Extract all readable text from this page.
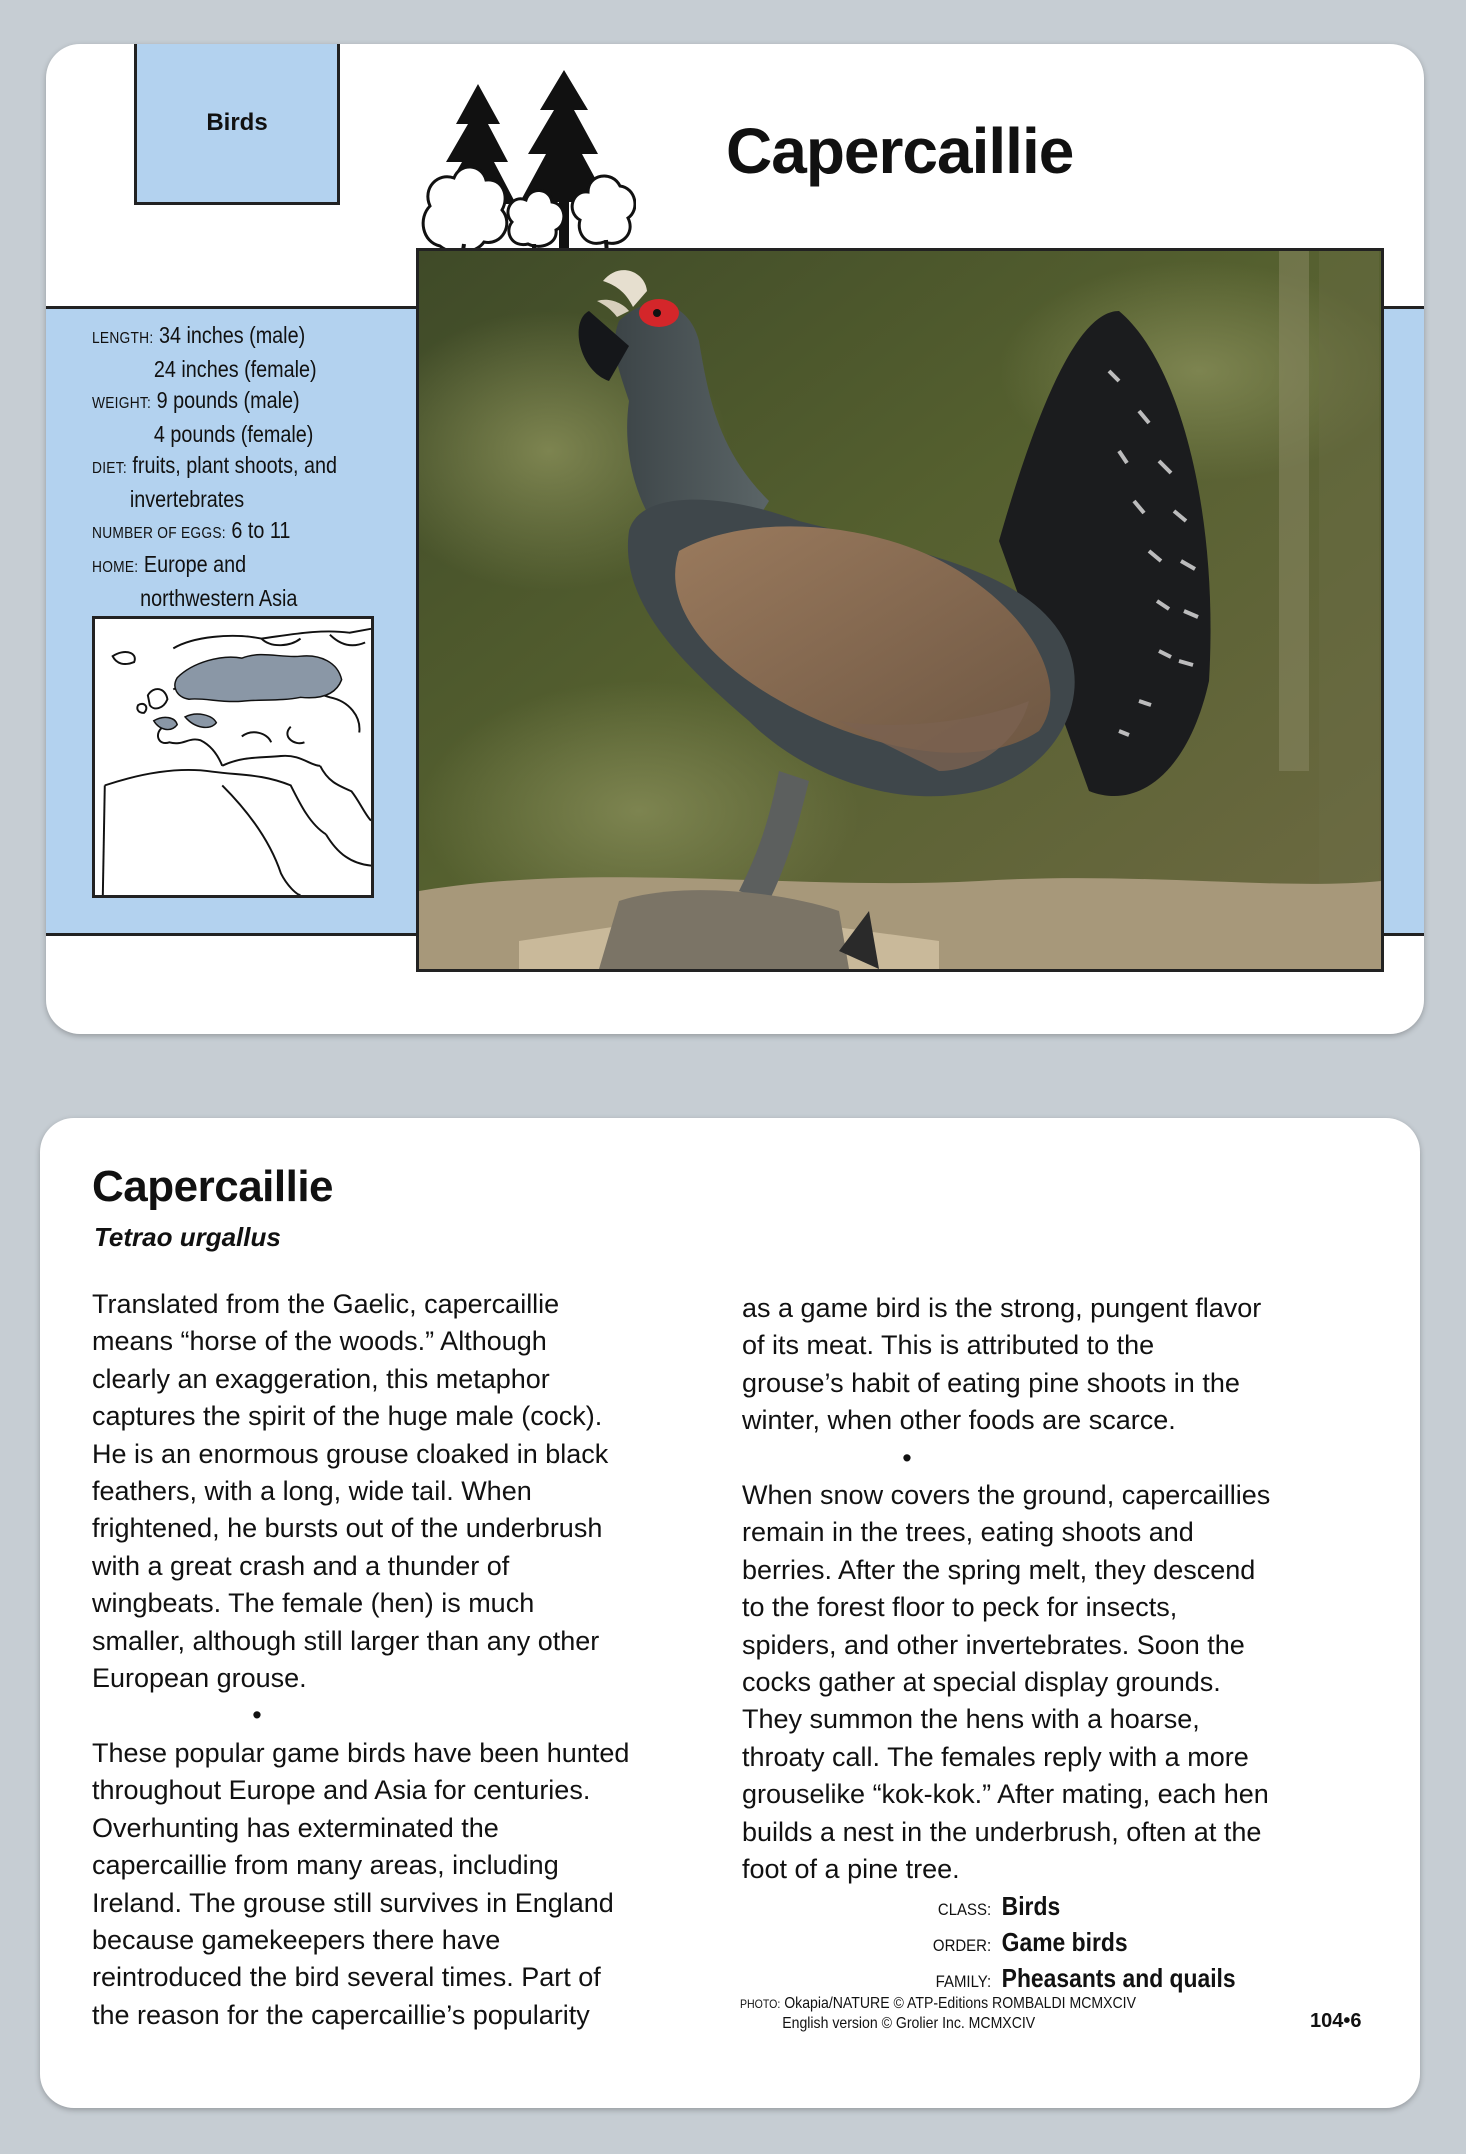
Birds	Capercaillie
LENGTH: 34 inches (male)
24 inches (female)
WEIGHT: 9 pounds (male)
4 pounds (female)
DIET: fruits, plant shoots, and
invertebrates
NUMBER OF EGGS: 6 to 11
HOME: Europe and
northwestern Asia
Capercaillie
Tetrao urgallus

Translated from the Gaelic, capercaillie

means “horse of the woods.” Although

clearly an exaggeration, this metaphor

captures the spirit of the huge male (cock).

He is an enormous grouse cloaked in black

feathers, with a long, wide tail. When

frightened, he bursts out of the underbrush

with a great crash and a thunder of

wingbeats. The female (hen) is much

smaller, although still larger than any other

European grouse.

•

These popular game birds have been hunted

throughout Europe and Asia for centuries.

Overhunting has exterminated the

capercaillie from many areas, including

Ireland. The grouse still survives in England

because gamekeepers there have

reintroduced the bird several times. Part of

the reason for the capercaillie’s popularity

as a game bird is the strong, pungent flavor

of its meat. This is attributed to the

grouse’s habit of eating pine shoots in the

winter, when other foods are scarce.

•

When snow covers the ground, capercaillies

remain in the trees, eating shoots and

berries. After the spring melt, they descend

to the forest floor to peck for insects,

spiders, and other invertebrates. Soon the

cocks gather at special display grounds.

They summon the hens with a hoarse,

throaty call. The females reply with a more

grouselike “kok-kok.” After mating, each hen

builds a nest in the underbrush, often at the

foot of a pine tree.

CLASS: Birds
ORDER: Game birds
FAMILY: Pheasants and quails
PHOTO: Okapia/NATURE © ATP-Editions ROMBALDI MCMXCIV
English version © Grolier Inc. MCMXCIV	104•6
